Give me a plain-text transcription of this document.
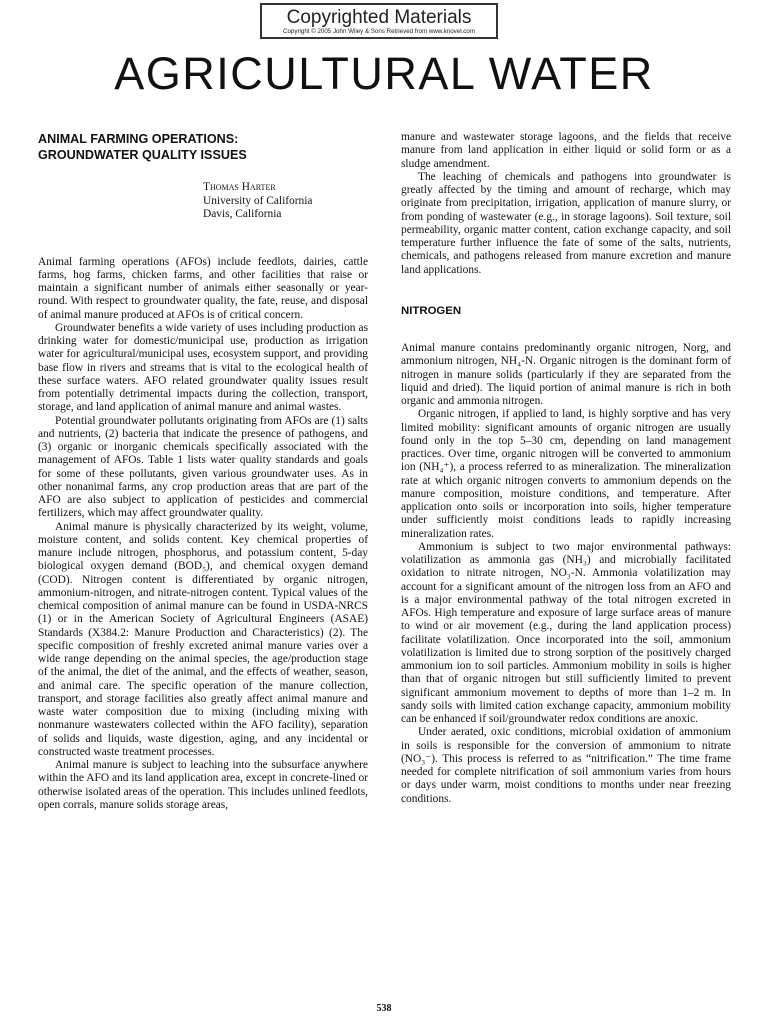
Copyrighted Materials
Copyright © 2005 John Wiley & Sons Retrieved from www.knovel.com
AGRICULTURAL WATER
ANIMAL FARMING OPERATIONS:
GROUNDWATER QUALITY ISSUES
Thomas Harter
University of California
Davis, California

Animal farming operations (AFOs) include feedlots, dairies, cattle farms, hog farms, chicken farms, and other facilities that raise or maintain a significant number of animals either seasonally or year-round. With respect to groundwater quality, the fate, reuse, and disposal of animal manure produced at AFOs is of critical concern.

Groundwater benefits a wide variety of uses including production as drinking water for domestic/municipal use, production as irrigation water for agricultural/municipal uses, ecosystem support, and providing base flow in rivers and streams that is vital to the ecological health of these surface waters. AFO related groundwater quality issues result from potentially detrimental impacts during the collection, transport, storage, and land application of animal manure and animal wastes.

Potential groundwater pollutants originating from AFOs are (1) salts and nutrients, (2) bacteria that indicate the presence of pathogens, and (3) organic or inorganic chemicals specifically associated with the management of AFOs. Table 1 lists water quality standards and goals for some of these pollutants, given various groundwater uses. As in other nonanimal farms, any crop production areas that are part of the AFO are also subject to application of pesticides and commercial fertilizers, which may affect groundwater quality.

Animal manure is physically characterized by its weight, volume, moisture content, and solids content. Key chemical properties of manure include nitrogen, phosphorus, and potassium content, 5-day biological oxygen demand (BOD₅), and chemical oxygen demand (COD). Nitrogen content is differentiated by organic nitrogen, ammonium-nitrogen, and nitrate-nitrogen content. Typical values of the chemical composition of animal manure can be found in USDA-NRCS (1) or in the American Society of Agricultural Engineers (ASAE) Standards (X384.2: Manure Production and Characteristics) (2). The specific composition of freshly excreted animal manure varies over a wide range depending on the animal species, the age/production stage of the animal, the diet of the animal, and the effects of weather, season, and animal care. The specific operation of the manure collection, transport, and storage facilities also greatly affect animal manure and waste water composition due to mixing (including mixing with nonmanure wastewaters collected within the AFO facility), separation of solids and liquids, waste digestion, aging, and any incidental or constructed waste treatment processes.

Animal manure is subject to leaching into the subsurface anywhere within the AFO and its land application area, except in concrete-lined or otherwise isolated areas of the operation. This includes unlined feedlots, open corrals, manure solids storage areas,

manure and wastewater storage lagoons, and the fields that receive manure from land application in either liquid or solid form or as a sludge amendment.

The leaching of chemicals and pathogens into groundwater is greatly affected by the timing and amount of recharge, which may originate from precipitation, irrigation, application of manure slurry, or from ponding of wastewater (e.g., in storage lagoons). Soil texture, soil permeability, organic matter content, cation exchange capacity, and soil temperature further influence the fate of some of the salts, nutrients, chemicals, and pathogens released from manure excretion and manure land applications.

NITROGEN

Animal manure contains predominantly organic nitrogen, Norg, and ammonium nitrogen, NH₄-N. Organic nitrogen is the dominant form of nitrogen in manure solids (particularly if they are separated from the liquid and dried). The liquid portion of animal manure is rich in both organic and ammonia nitrogen.

Organic nitrogen, if applied to land, is highly sorptive and has very limited mobility: significant amounts of organic nitrogen are usually found only in the top 5–30 cm, depending on land management practices. Over time, organic nitrogen will be converted to ammonium ion (NH₄⁺), a process referred to as mineralization. The mineralization rate at which organic nitrogen converts to ammonium depends on the manure composition, moisture conditions, and temperature. After application onto soils or incorporation into soils, higher temperature under sufficiently moist conditions leads to rapidly increasing mineralization rates.

Ammonium is subject to two major environmental pathways: volatilization as ammonia gas (NH₃) and microbially facilitated oxidation to nitrate nitrogen, NO₃-N. Ammonia volatilization may account for a significant amount of the nitrogen loss from an AFO and is a major environmental pathway of the total nitrogen excreted in AFOs. High temperature and exposure of large surface areas of manure to wind or air movement (e.g., during the land application process) facilitate volatilization. Once incorporated into the soil, ammonium volatilization is limited due to strong sorption of the positively charged ammonium ion to soil particles. Ammonium mobility in soils is higher than that of organic nitrogen but still sufficiently limited to prevent significant ammonium movement to depths of more than 1–2 m. In sandy soils with limited cation exchange capacity, ammonium mobility can be enhanced if soil/groundwater redox conditions are anoxic.

Under aerated, oxic conditions, microbial oxidation of ammonium in soils is responsible for the conversion of ammonium to nitrate (NO₃⁻). This process is referred to as “nitrification.” The time frame needed for complete nitrification of soil ammonium varies from hours or days under warm, moist conditions to months under near freezing conditions.

538
